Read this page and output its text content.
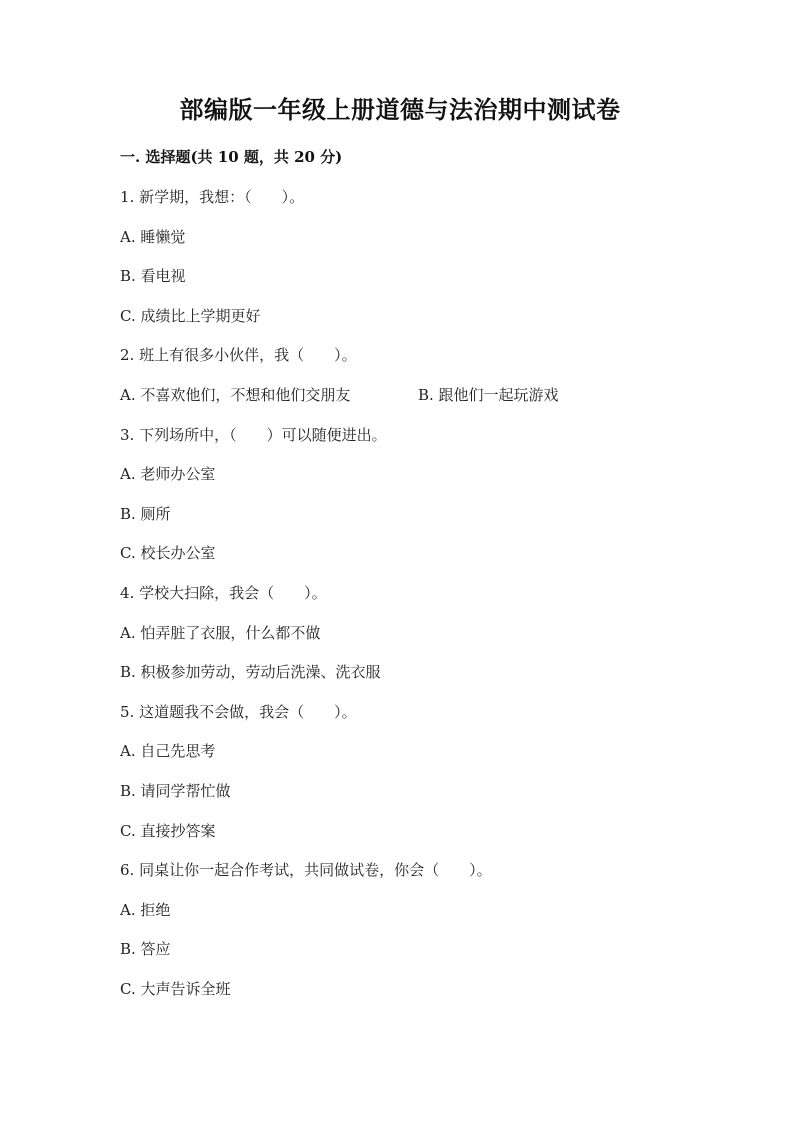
部编版一年级上册道德与法治期中测试卷
一. 选择题(共 10 题，共 20 分)
1. 新学期，我想：（　　）。
A. 睡懒觉
B. 看电视
C. 成绩比上学期更好
2. 班上有很多小伙伴，我（　　）。
A. 不喜欢他们，不想和他们交朋友	B. 跟他们一起玩游戏
3. 下列场所中，（　　）可以随便进出。
A. 老师办公室
B. 厕所
C. 校长办公室
4. 学校大扫除，我会（　　）。
A. 怕弄脏了衣服，什么都不做
B. 积极参加劳动，劳动后洗澡、洗衣服
5. 这道题我不会做，我会（　　）。
A. 自己先思考
B. 请同学帮忙做
C. 直接抄答案
6. 同桌让你一起合作考试，共同做试卷，你会（　　）。
A. 拒绝
B. 答应
C. 大声告诉全班
